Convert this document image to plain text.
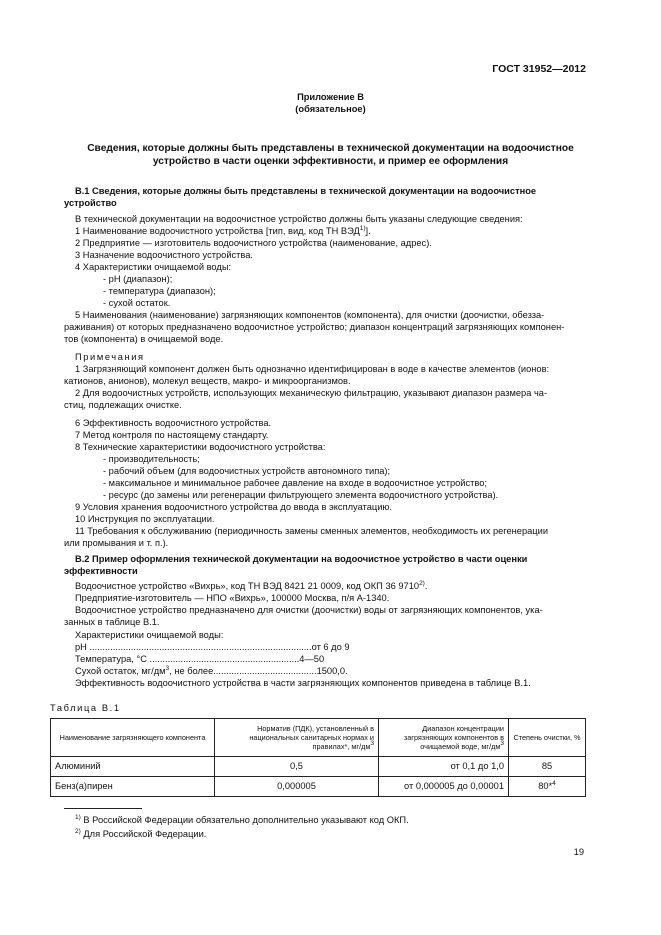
ГОСТ 31952—2012
Приложение В
(обязательное)
Сведения, которые должны быть представлены в технической документации на водоочистное
устройство в части оценки эффективности, и пример ее оформления
В.1 Сведения, которые должны быть представлены в технической документации на водоочистное
устройство
В технической документации на водоочистное устройство должны быть указаны следующие сведения:
1 Наименование водоочистного устройства [тип, вид, код ТН ВЭД$^{1)}$].
2 Предприятие — изготовитель водоочистного устройства (наименование, адрес).
3 Назначение водоочистного устройства.
4 Характеристики очищаемой воды:
- рН (диапазон);
- температура (диапазон);
- сухой остаток.
5 Наименования (наименование) загрязняющих компонентов (компонента), для очистки (доочистки, обезза-
раживания) от которых предназначено водоочистное устройство; диапазон концентраций загрязняющих компонен-
тов (компонента) в очищаемой воде.
Примечания
1 Загрязняющий компонент должен быть однозначно идентифицирован в воде в качестве элементов (ионов:
катионов, анионов), молекул веществ, макро- и микроорганизмов.
2 Для водоочистных устройств, использующих механическую фильтрацию, указывают диапазон размера ча-
стиц, подлежащих очистке.
6 Эффективность водоочистного устройства.
7 Метод контроля по настоящему стандарту.
8 Технические характеристики водоочистного устройства:
- производительность;
- рабочий объем (для водоочистных устройств автономного типа);
- максимальное и минимальное рабочее давление на входе в водоочистное устройство;
- ресурс (до замены или регенерации фильтрующего элемента водоочистного устройства).
9 Условия хранения водоочистного устройства до ввода в эксплуатацию.
10 Инструкция по эксплуатации.
11 Требования к обслуживанию (периодичность замены сменных элементов, необходимость их регенерации
или промывания и т. п.).
В.2 Пример оформления технической документации на водоочистное устройство в части оценки
эффективности
Водоочистное устройство «Вихрь», код ТН ВЭД 8421 21 0009, код ОКП 36 9710$^{2)}$.
Предприятие-изготовитель — НПО «Вихрь», 100000 Москва, п/я А-1340.
Водоочистное устройство предназначено для очистки (доочистки) воды от загрязняющих компонентов, ука-
занных в таблице В.1.
Характеристики очищаемой воды:
рН ......................................................................................от 6 до 9
Температура, °С ..........................................................4—50
Сухой остаток, $мг/дм^3$, не более........................................1500,0.
Эффективность водоочистного устройства в части загрязняющих компонентов приведена в таблице В.1.
Таблица В.1
Наименование загрязняющего компонента	Норматив (ПДК), установленный в национальных санитарных нормах и правилах*, $мг/дм^3$	Диапазон концентрации загрязняющих компонентов в очищаемой воде, $мг/дм^3$	Степень очистки, %
Алюминий	0,5	от 0,1 до 1,0	85
Бенз(а)пирен	0,000005	от 0,000005 до 0,00001	80*$^4$
$^{1)}$ В Российской Федерации обязательно дополнительно указывают код ОКП.
$^{2)}$ Для Российской Федерации.
19
